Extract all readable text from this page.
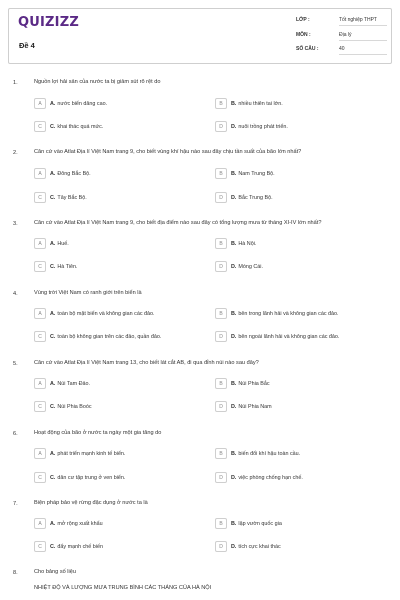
QUIZIZZ
Đề 4
LỚP :	Tốt nghiệp THPT
MÔN :	Địa lý
SỐ CÂU :	40
1.	Nguồn lợi hải sản của nước ta bị giảm sút rõ rệt do
A	A. nước biển dâng cao.	B	B. nhiều thiên tai lớn.
C	C. khai thác quá mức.	D	D. nuôi trồng phát triển.
2.	Căn cứ vào Atlat Địa lí Việt Nam trang 9, cho biết vùng khí hậu nào sau đây chịu tần suất của bão lớn nhất?
A	A. Đông Bắc Bộ.	B	B. Nam Trung Bộ.
C	C. Tây Bắc Bộ.	D	D. Bắc Trung Bộ.
3.	Căn cứ vào Atlat Địa lí Việt Nam trang 9, cho biết địa điểm nào sau đây có tổng lượng mưa từ tháng XI-IV lớn nhất?
A	A. Huế.	B	B. Hà Nội.
C	C. Hà Tiên.	D	D. Móng Cái.
4.	Vùng trời Việt Nam có ranh giới trên biển là
A	A. toàn bộ mặt biển và không gian các đảo.	B	B. bên trong lãnh hải và không gian các đảo.
C	C. toàn bộ không gian trên các đảo, quần đảo.	D	D. bên ngoài lãnh hải và không gian các đảo.
5.	Căn cứ vào Atlat Địa lí Việt Nam trang 13, cho biết lát cắt AB, đi qua đỉnh núi nào sau đây?
A	A. Núi Tam Đảo.	B	B. Núi Phia Bắc
C	C. Núi Phia Boóc	D	D. Núi Phia Nam
6.	Hoạt động của bão ở nước ta ngày một gia tăng do
A	A. phát triển mạnh kinh tế biển.	B	B. biến đổi khí hậu toàn cầu.
C	C. dân cư tập trung ở ven biển.	D	D. việc phòng chống hạn chế.
7.	Biện pháp bảo vệ rừng đặc dụng ở nước ta là
A	A. mở rộng xuất khẩu	B	B. lập vườn quốc gia
C	C. đẩy mạnh chế biến	D	D. tích cực khai thác
8.	Cho bảng số liệu
NHIỆT ĐỘ VÀ LƯỢNG MƯA TRUNG BÌNH CÁC THÁNG CỦA HÀ NỘI
